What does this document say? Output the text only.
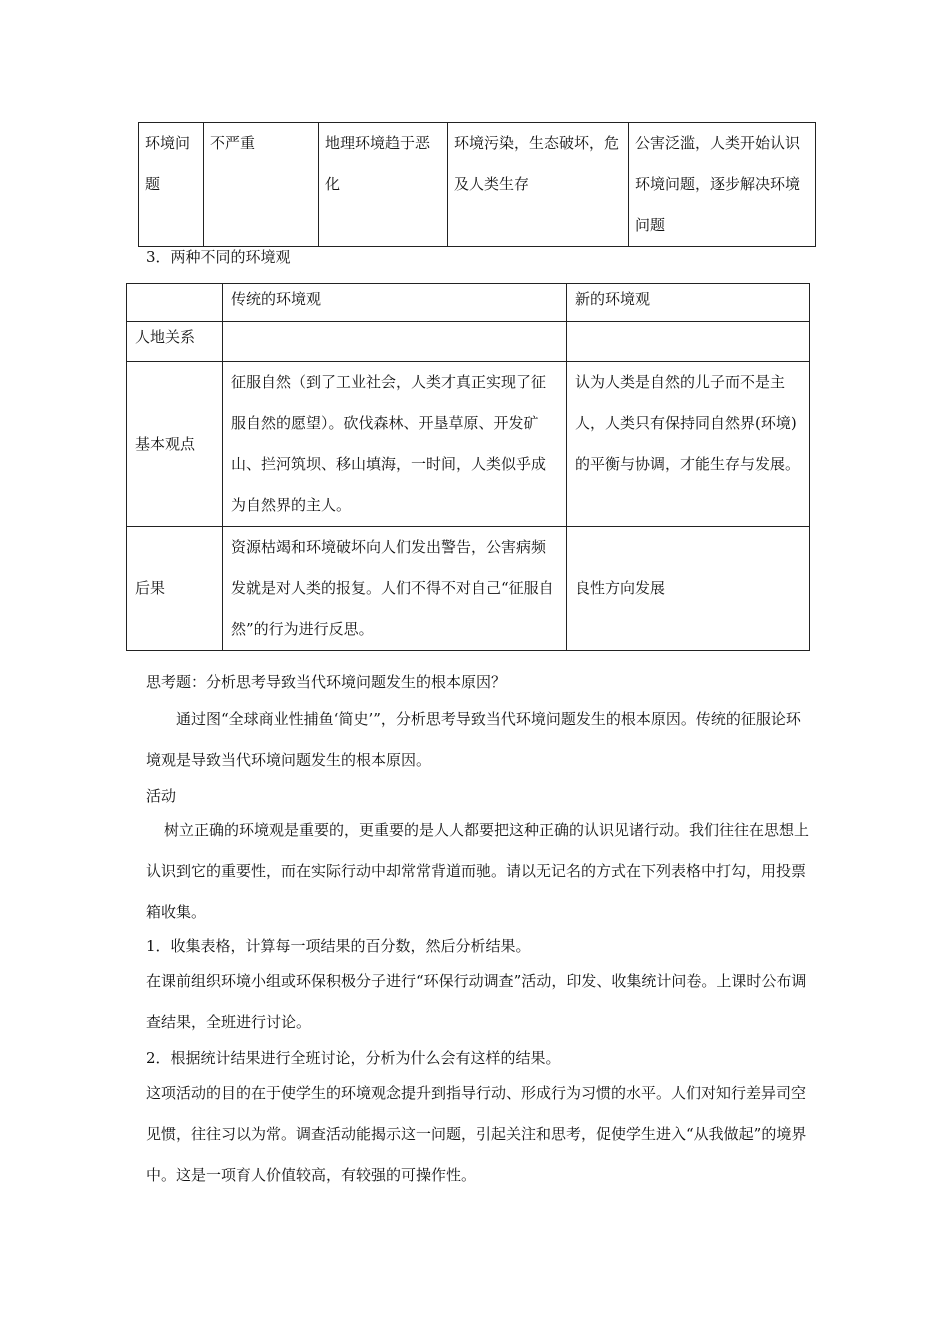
环境问题	不严重	地理环境趋于恶化	环境污染，生态破坏，危及人类生存	公害泛滥，人类开始认识环境问题，逐步解决环境问题
3．两种不同的环境观
	传统的环境观	新的环境观
人地关系		
基本观点	征服自然（到了工业社会，人类才真正实现了征服自然的愿望）。砍伐森林、开垦草原、开发矿山、拦河筑坝、移山填海，一时间，人类似乎成为自然界的主人。	认为人类是自然的儿子而不是主人，人类只有保持同自然界(环境)的平衡与协调，才能生存与发展。
后果	资源枯竭和环境破坏向人们发出警告，公害病频发就是对人类的报复。人们不得不对自己“征服自然”的行为进行反思。	良性方向发展

思考题：分析思考导致当代环境问题发生的根本原因？

通过图“全球商业性捕鱼‘简史’”，分析思考导致当代环境问题发生的根本原因。传统的征服论环境观是导致当代环境问题发生的根本原因。

活动

树立正确的环境观是重要的，更重要的是人人都要把这种正确的认识见诸行动。我们往往在思想上认识到它的重要性，而在实际行动中却常常背道而驰。请以无记名的方式在下列表格中打勾，用投票箱收集。

1．收集表格，计算每一项结果的百分数，然后分析结果。

在课前组织环境小组或环保积极分子进行“环保行动调查”活动，印发、收集统计问卷。上课时公布调查结果，全班进行讨论。

2．根据统计结果进行全班讨论，分析为什么会有这样的结果。

这项活动的目的在于使学生的环境观念提升到指导行动、形成行为习惯的水平。人们对知行差异司空见惯，往往习以为常。调查活动能揭示这一问题，引起关注和思考，促使学生进入“从我做起”的境界中。这是一项育人价值较高，有较强的可操作性。
